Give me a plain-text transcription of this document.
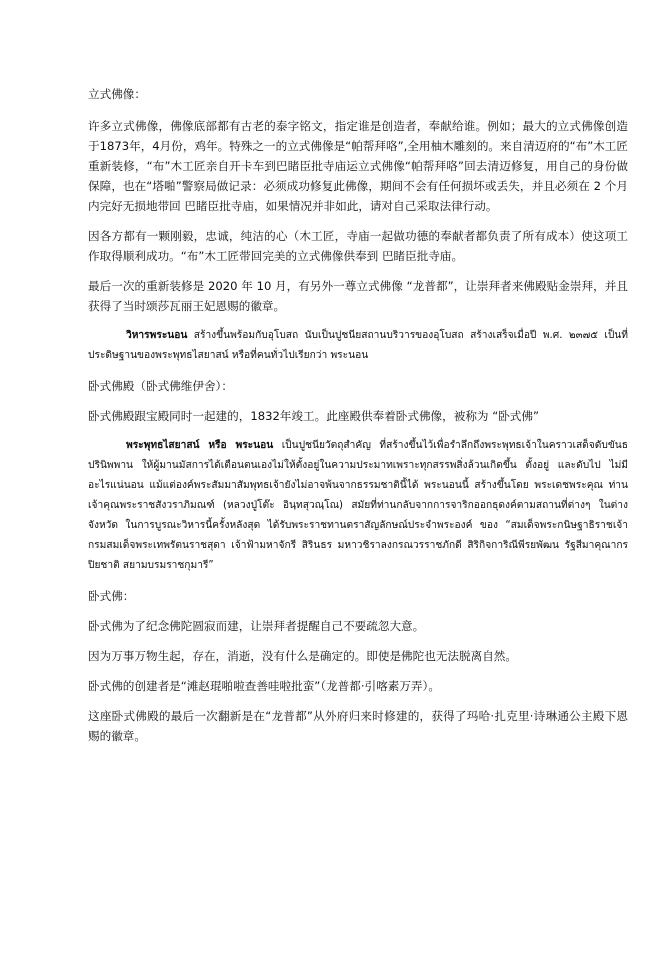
立式佛像：

许多立式佛像，佛像底部都有古老的泰字铭文，指定谁是创造者，奉献给谁。例如；最大的立式佛像创造于1873年，4月份，鸡年。特殊之一的立式佛像是“帕帮拜咯”,全用柚木雕刻的。来自清迈府的“布”木工匠 重新装修，“布”木工匠亲自开卡车到巴睹臣批寺庙运立式佛像“帕帮拜咯”回去清迈修复，用自己的身份做保障，也在“塔啪”警察局做记录：必须成功修复此佛像，期间不会有任何损坏或丢失，并且必须在 2 个月内完好无损地带回 巴睹臣批寺庙，如果情况并非如此，请对自己采取法律行动。

因各方都有一颗刚毅，忠诚，纯洁的心（木工匠，寺庙一起做功德的奉献者都负责了所有成本）使这项工作取得顺利成功。“布”木工匠带回完美的立式佛像供奉到 巴睹臣批寺庙。

最后一次的重新装修是 2020 年 10 月，有另外一尊立式佛像 “龙普都”，让崇拜者来佛殿贴金崇拜，并且获得了当时颂莎瓦丽王妃恩赐的徽章。

วิหารพระนอน สร้างขึ้นพร้อมกับอุโบสถ นับเป็นปูชนียสถานบริวารของอุโบสถ สร้างเสร็จเมื่อปี พ.ศ. ๒๓๗๕ เป็นที่ประดิษฐานของพระพุทธไสยาสน์ หรือที่คนทั่วไปเรียกว่า พระนอน

卧式佛殿（卧式佛维伊舍）：

卧式佛殿跟宝殿同时一起建的，1832年竣工。此座殿供奉着卧式佛像，被称为 “卧式佛”

พระพุทธไสยาสน์ หรือ พระนอน เป็นปูชนียวัตถุสำคัญ ที่สร้างขึ้นไว้เพื่อรำลึกถึงพระพุทธเจ้าในคราวเสด็จดับขันธปรินิพพาน ให้ผู้มานมัสการได้เตือนตนเองไม่ให้ตั้งอยู่ในความประมาทเพราะทุกสรรพสิ่งล้วนเกิดขึ้น ตั้งอยู่ และดับไป ไม่มีอะไรแน่นอน แม้แต่องค์พระสัมมาสัมพุทธเจ้ายังไม่อาจพ้นจากธรรมชาตินี้ได้ พระนอนนี้ สร้างขึ้นโดย พระเดชพระคุณ ท่านเจ้าคุณพระราชสังวราภิมณฑ์ (หลวงปู่โต๊ะ อินฺทสุวณฺโณ) สมัยที่ท่านกลับจากการจาริกออกธุดงค์ตามสถานที่ต่างๆ ในต่างจังหวัด ในการบูรณะวิหารนี้ครั้งหลังสุด ได้รับพระราชทานตราสัญลักษณ์ประจำพระองค์ ของ “สมเด็จพระกนิษฐาธิราชเจ้า กรมสมเด็จพระเทพรัตนราชสุดา เจ้าฟ้ามหาจักรี สิรินธร มหาวชิราลงกรณวรราชภักดี สิริกิจการิณีพีรยพัฒน รัฐสีมาคุณากรปิยชาติ สยามบรมราชกุมารี”

卧式佛：

卧式佛为了纪念佛陀圆寂而建，让崇拜者提醒自己不要疏忽大意。

因为万事万物生起，存在，消逝，没有什么是确定的。即使是佛陀也无法脱离自然。

卧式佛的创建者是“滩赵琨啪啦查善哇啦批蛮”（龙普都·引喀素万弄）。

这座卧式佛殿的最后一次翻新是在“龙普都”从外府归来时修建的，获得了玛哈·扎克里·诗琳通公主殿下恩赐的徽章。
